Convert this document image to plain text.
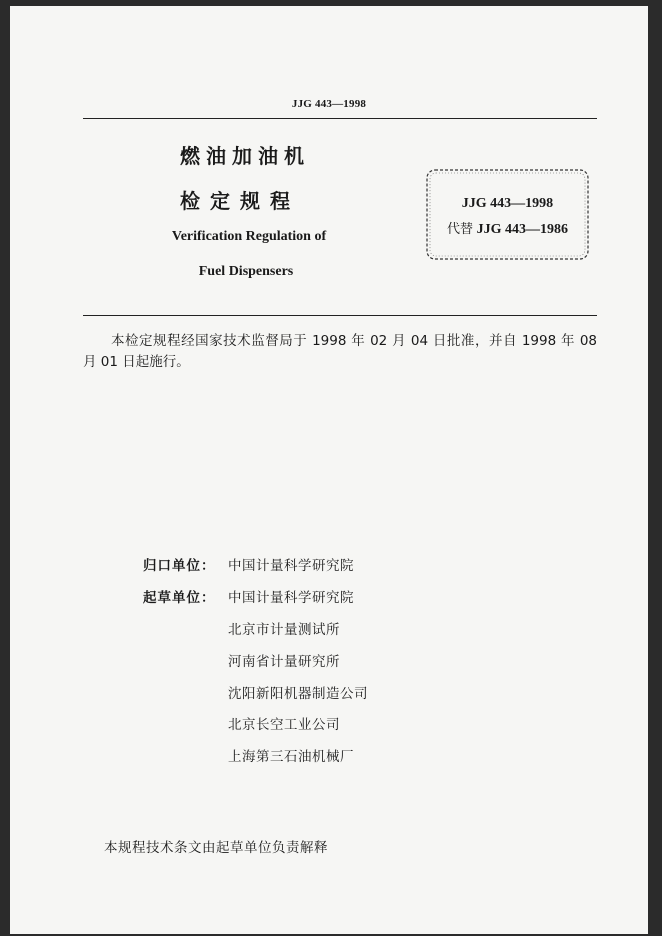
JJG 443—1998
燃油加油机
检定规程
Verification Regulation of
Fuel Dispensers
JJG 443—1998
代替 JJG 443—1986
本检定规程经国家技术监督局于 1998 年 02 月 04 日批准，并自 1998 年 08 月 01 日起施行。
归口单位： 中国计量科学研究院
起草单位： 中国计量科学研究院
北京市计量测试所
河南省计量研究所
沈阳新阳机器制造公司
北京长空工业公司
上海第三石油机械厂
本规程技术条文由起草单位负责解释
